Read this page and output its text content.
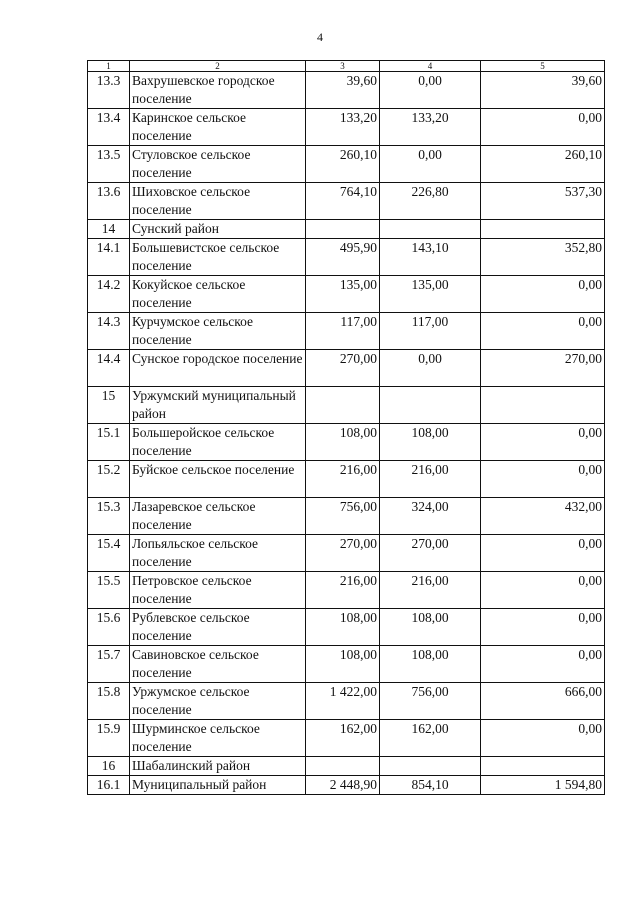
4
1	2	3	4	5
13.3	Вахрушевское городское поселение	39,60	0,00	39,60
13.4	Каринское сельское поселение	133,20	133,20	0,00
13.5	Стуловское сельское поселение	260,10	0,00	260,10
13.6	Шиховское сельское поселение	764,10	226,80	537,30
14	Сунский район			
14.1	Большевистское сельское поселение	495,90	143,10	352,80
14.2	Кокуйское сельское поселение	135,00	135,00	0,00
14.3	Курчумское сельское поселение	117,00	117,00	0,00
14.4	Сунское городское поселение	270,00	0,00	270,00
15	Уржумский муниципальный район			
15.1	Большеройское сельское поселение	108,00	108,00	0,00
15.2	Буйское сельское поселение	216,00	216,00	0,00
15.3	Лазаревское сельское поселение	756,00	324,00	432,00
15.4	Лопьяльское сельское поселение	270,00	270,00	0,00
15.5	Петровское сельское поселение	216,00	216,00	0,00
15.6	Рублевское сельское поселение	108,00	108,00	0,00
15.7	Савиновское сельское поселение	108,00	108,00	0,00
15.8	Уржумское сельское поселение	1 422,00	756,00	666,00
15.9	Шурминское сельское поселение	162,00	162,00	0,00
16	Шабалинский район			
16.1	Муниципальный район	2 448,90	854,10	1 594,80
